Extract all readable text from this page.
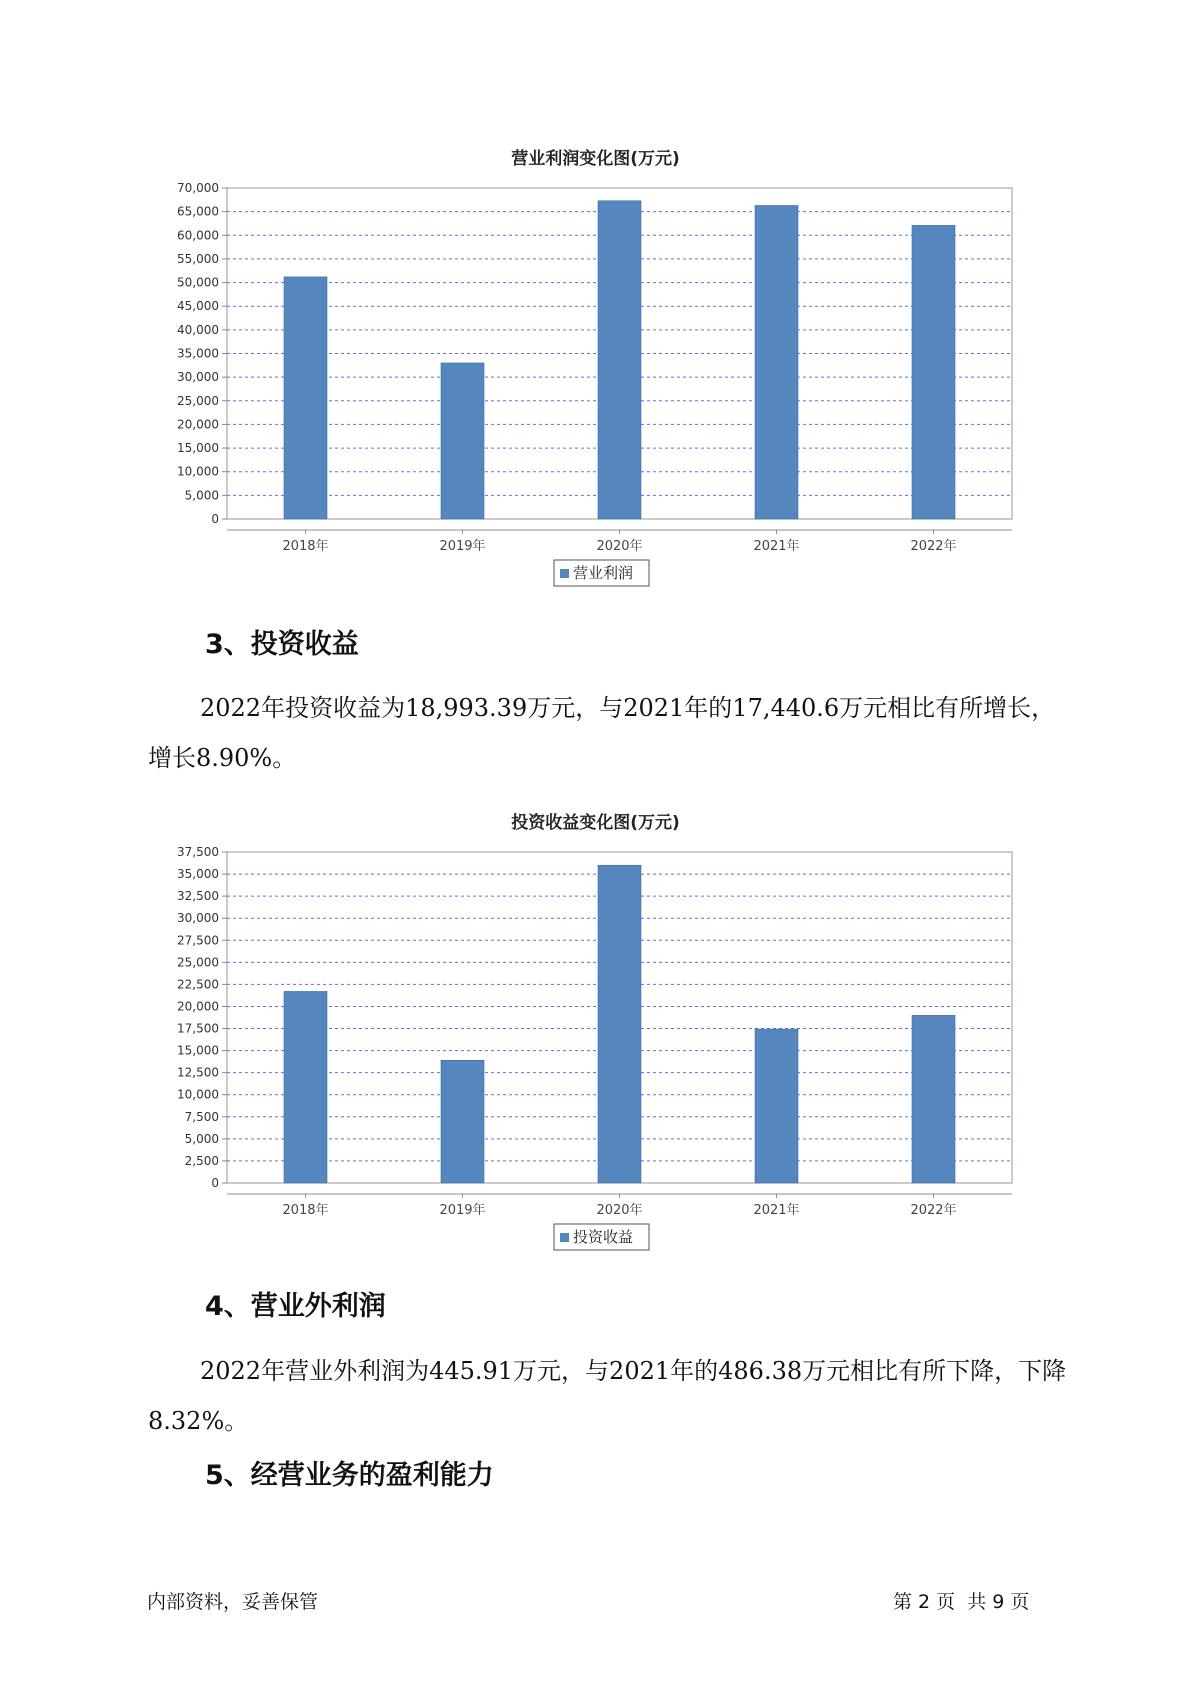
营业利润变化图(万元)
0
5,000
10,000
15,000
20,000
25,000
30,000
35,000
40,000
45,000
50,000
55,000
60,000
65,000
70,000
2018年	2019年	2020年	2021年	2022年
营业利润
3、投资收益
2022年投资收益为18,993.39万元，与2021年的17,440.6万元相比有所增长，增长8.90%。
投资收益变化图(万元)
0
2,500
5,000
7,500
10,000
12,500
15,000
17,500
20,000
22,500
25,000
27,500
30,000
32,500
35,000
37,500
2018年	2019年	2020年	2021年	2022年
投资收益
4、营业外利润
2022年营业外利润为445.91万元，与2021年的486.38万元相比有所下降，下降8.32%。
5、经营业务的盈利能力
内部资料，妥善保管	第 2 页  共 9 页
